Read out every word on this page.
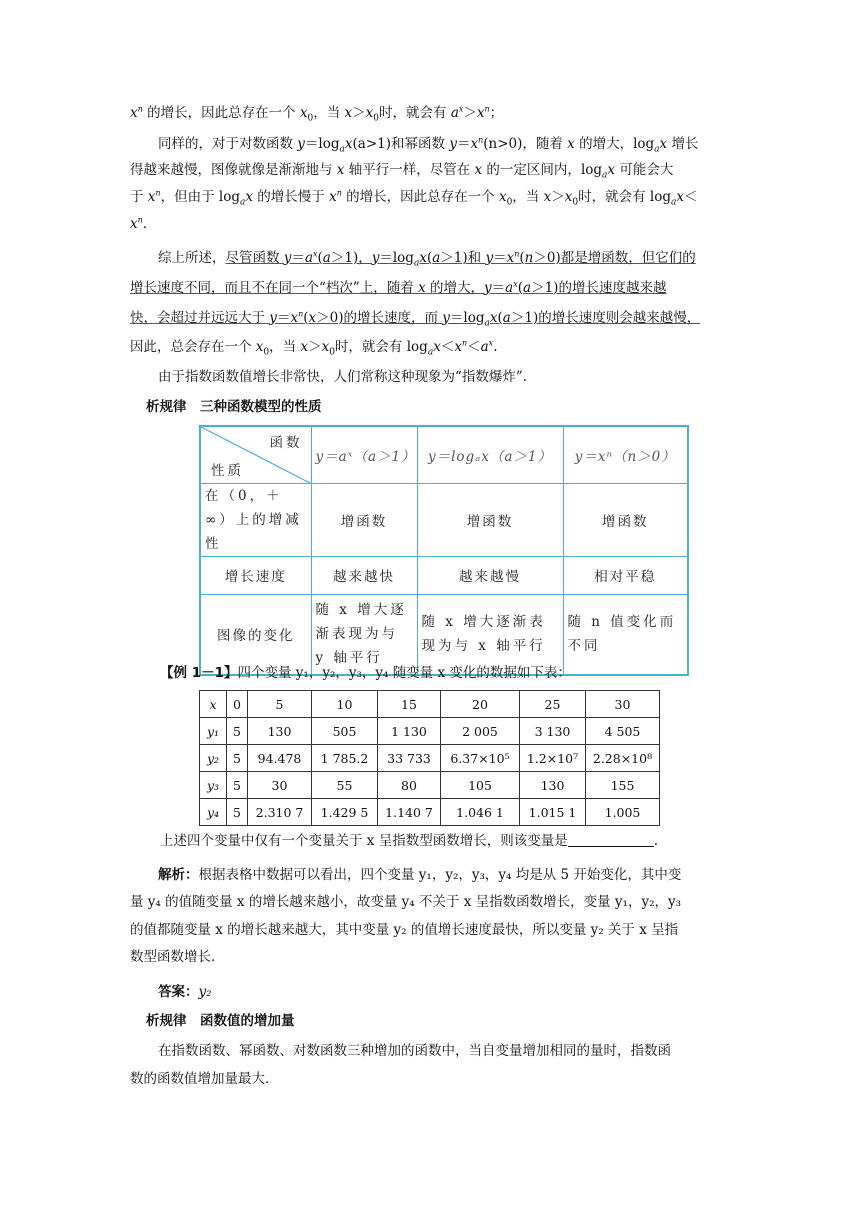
$x^n$ 的增长，因此总存在一个 $x_0$，当 $x>x_0$时，就会有 $a^x>x^n$；
同样的，对于对数函数 $y=\log_ax(a>1)$和幂函数 $y=x^n(n>0)$，随着 x 的增大，$\log_ax$ 增长
得越来越慢，图像就像是渐渐地与 x 轴平行一样，尽管在 x 的一定区间内，$\log_ax$ 可能会大
于 $x^n$，但由于 $\log_ax$ 的增长慢于 $x^n$ 的增长，因此总存在一个 $x_0$，当 $x>x_0$时，就会有 $\log_ax<$
$x^n$.
综上所述，尽管函数 $y=a^x(a>1)$，$y=\log_ax(a>1)$和 $y=x^n(n>0)$都是增函数，但它们的
增长速度不同，而且不在同一个“档次”上，随着 x 的增大，$y=a^x(a>1)$的增长速度越来越
快，会超过并远远大于 $y=x^n(x>0)$的增长速度，而 $y=\log_ax(a>1)$的增长速度则会越来越慢，
因此，总会存在一个 $x_0$，当 $x>x_0$时，就会有 $\log_ax<x^n<a^x$.
由于指数函数值增长非常快，人们常称这种现象为“指数爆炸”．
析规律　三种函数模型的性质
函数
性质	y＝aˣ（a＞1）	y＝logₐx（a＞1）	y＝xⁿ（n＞0）
在（0，＋∞）上的增减性	增函数	增函数	增函数
增长速度	越来越快	越来越慢	相对平稳
图像的变化	随 x 增大逐渐表现为与 y 轴平行	随 x 增大逐渐表现为与 x 轴平行	随 n 值变化而不同
【例 1－1】四个变量 y₁，y₂，y₃，y₄ 随变量 x 变化的数据如下表：
x	0	5	10	15	20	25	30
y₁	5	130	505	1 130	2 005	3 130	4 505
y₂	5	94.478	1 785.2	33 733	6.37×10⁵	1.2×10⁷	2.28×10⁸
y₃	5	30	55	80	105	130	155
y₄	5	2.310 7	1.429 5	1.140 7	1.046 1	1.015 1	1.005
上述四个变量中仅有一个变量关于 x 呈指数型函数增长，则该变量是	.
解析：根据表格中数据可以看出，四个变量 y₁，y₂，y₃，y₄ 均是从 5 开始变化，其中变
量 y₄ 的值随变量 x 的增长越来越小，故变量 y₄ 不关于 x 呈指数函数增长，变量 y₁，y₂，y₃
的值都随变量 x 的增长越来越大，其中变量 y₂ 的值增长速度最快，所以变量 y₂ 关于 x 呈指
数型函数增长．
答案：y₂
析规律　函数值的增加量
在指数函数、幂函数、对数函数三种增加的函数中，当自变量增加相同的量时，指数函
数的函数值增加量最大．
